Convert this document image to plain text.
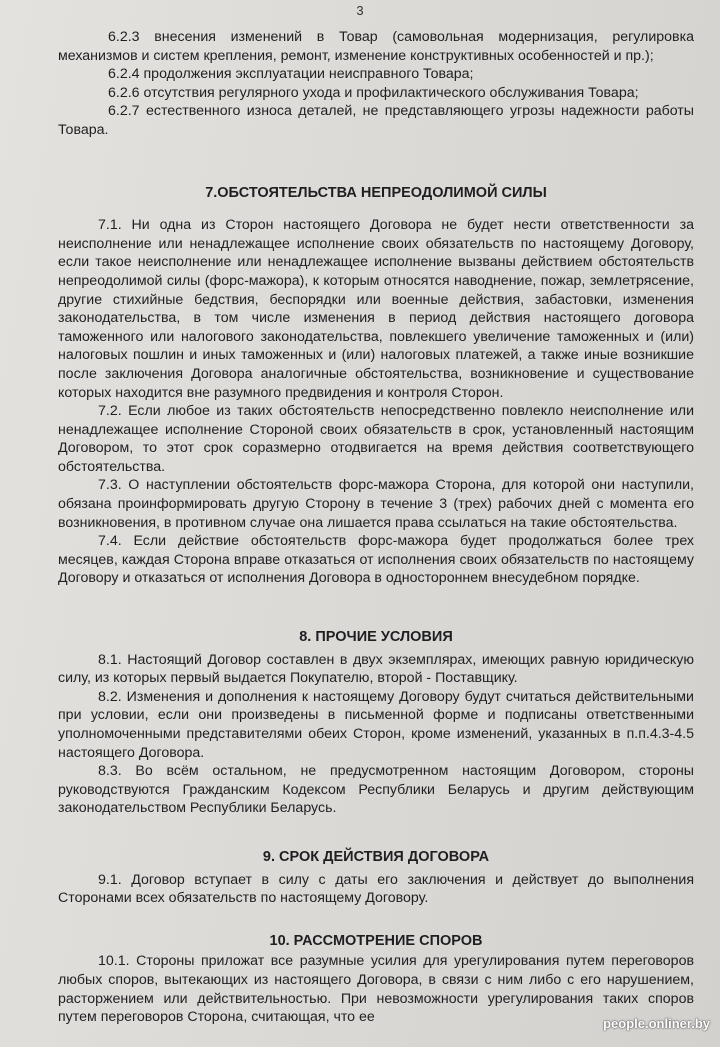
3

6.2.3 внесения изменений в Товар (самовольная модернизация, регулировка механизмов и систем крепления, ремонт, изменение конструктивных особенностей и пр.);

6.2.4 продолжения эксплуатации неисправного Товара;

6.2.6 отсутствия регулярного ухода и профилактического обслуживания Товара;

6.2.7 естественного износа деталей, не представляющего угрозы надежности работы Товара.

7.ОБСТОЯТЕЛЬСТВА НЕПРЕОДОЛИМОЙ СИЛЫ

7.1. Ни одна из Сторон настоящего Договора не будет нести ответственности за неисполнение или ненадлежащее исполнение своих обязательств по настоящему Договору, если такое неисполнение или ненадлежащее исполнение вызваны действием обстоятельств непреодолимой силы (форс-мажора), к которым относятся наводнение, пожар, землетрясение, другие стихийные бедствия, беспорядки или военные действия, забастовки, изменения законодательства, в том числе изменения в период действия настоящего договора таможенного или налогового законодательства, повлекшего увеличение таможенных и (или) налоговых пошлин и иных таможенных и (или) налоговых платежей, а также иные возникшие после заключения Договора аналогичные обстоятельства, возникновение и существование которых находится вне разумного предвидения и контроля Сторон.

7.2. Если любое из таких обстоятельств непосредственно повлекло неисполнение или ненадлежащее исполнение Стороной своих обязательств в срок, установленный настоящим Договором, то этот срок соразмерно отодвигается на время действия соответствующего обстоятельства.

7.3. О наступлении обстоятельств форс-мажора Сторона, для которой они наступили, обязана проинформировать другую Сторону в течение 3 (трех) рабочих дней с момента его возникновения, в противном случае она лишается права ссылаться на такие обстоятельства.

7.4. Если действие обстоятельств форс-мажора будет продолжаться более трех месяцев, каждая Сторона вправе отказаться от исполнения своих обязательств по настоящему Договору и отказаться от исполнения Договора в одностороннем внесудебном порядке.

8. ПРОЧИЕ УСЛОВИЯ

8.1. Настоящий Договор составлен в двух экземплярах, имеющих равную юридическую силу, из которых первый выдается Покупателю, второй - Поставщику.

8.2. Изменения и дополнения к настоящему Договору будут считаться действительными при условии, если они произведены в письменной форме и подписаны ответственными уполномоченными представителями обеих Сторон, кроме изменений, указанных в п.п.4.3-4.5 настоящего Договора.

8.3. Во всём остальном, не предусмотренном настоящим Договором, стороны руководствуются Гражданским Кодексом Республики Беларусь и другим действующим законодательством Республики Беларусь.

9. СРОК ДЕЙСТВИЯ ДОГОВОРА

9.1. Договор вступает в силу с даты его заключения и действует до выполнения Сторонами всех обязательств по настоящему Договору.

10. РАССМОТРЕНИЕ СПОРОВ

10.1. Стороны приложат все разумные усилия для урегулирования путем переговоров любых споров, вытекающих из настоящего Договора, в связи с ним либо с его нарушением, расторжением или действительностью. При невозможности урегулирования таких споров путем переговоров Сторона, считающая, что ее	people.onliner.by
